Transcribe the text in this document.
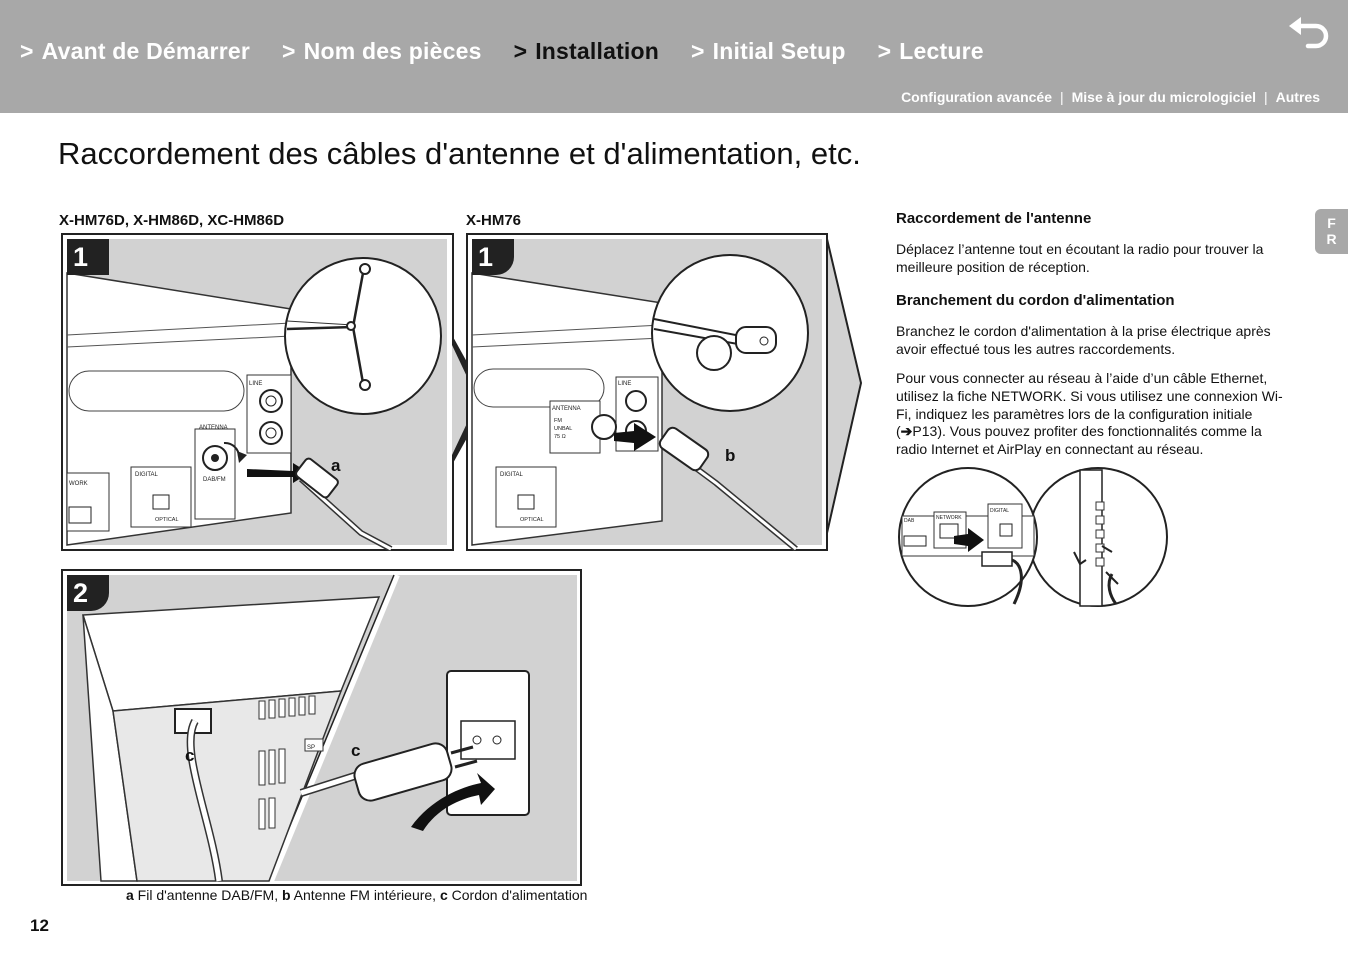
> Avant de Démarrer > Nom des pièces > Installation > Initial Setup > Lecture
Configuration avancée | Mise à jour du micrologiciel | Autres
Raccordement des câbles d'antenne et d'alimentation, etc.
F
R
X-HM76D, X-HM86D, XC-HM86D	X-HM76
LINE
ANTENNA
DAB/FM
DIGITAL
OPTICAL
WORK
a
1
LINE
ANTENNA
FM
UNBAL
75 Ω
DIGITAL
OPTICAL
b
1
SP
c	c
2
a Fil d'antenne DAB/FM, b Antenne FM intérieure, c Cordon d'alimentation
Raccordement de l'antenne

Déplacez l’antenne tout en écoutant la radio pour trouver la meilleure position de réception.

Branchement du cordon d'alimentation

Branchez le cordon d'alimentation à la prise électrique après avoir effectué tous les autres raccordements.

Pour vous connecter au réseau à l’aide d’un câble Ethernet, utilisez la fiche NETWORK. Si vous utilisez une connexion Wi-Fi, indiquez les paramètres lors de la configuration initiale (➔P13). Vous pouvez profiter des fonctionnalités comme la radio Internet et AirPlay en connectant au réseau.

DAB	NETWORK
DIGITAL
12
